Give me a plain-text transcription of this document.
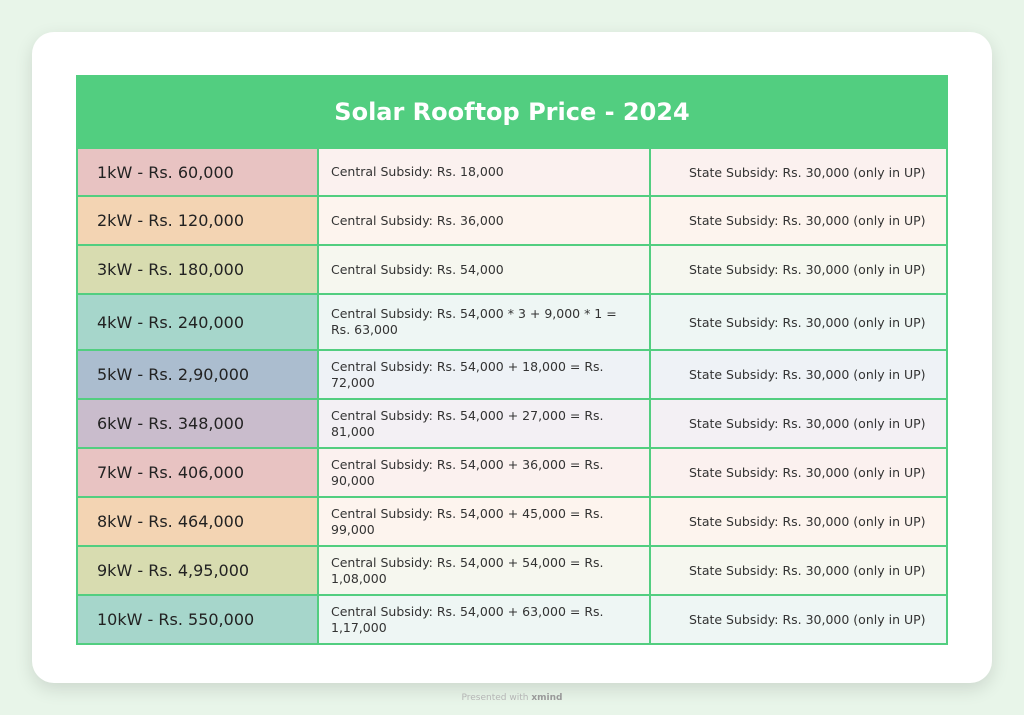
Solar Rooftop Price - 2024
1kW - Rs. 60,000	Central Subsidy: Rs. 18,000	State Subsidy: Rs. 30,000 (only in UP)
2kW - Rs. 120,000	Central Subsidy: Rs. 36,000	State Subsidy: Rs. 30,000 (only in UP)
3kW - Rs. 180,000	Central Subsidy: Rs. 54,000	State Subsidy: Rs. 30,000 (only in UP)
4kW - Rs. 240,000	Central Subsidy: Rs. 54,000 * 3 + 9,000 * 1 = Rs. 63,000	State Subsidy: Rs. 30,000 (only in UP)
5kW - Rs. 2,90,000	Central Subsidy: Rs. 54,000 + 18,000 = Rs. 72,000	State Subsidy: Rs. 30,000 (only in UP)
6kW - Rs. 348,000	Central Subsidy: Rs. 54,000 + 27,000 = Rs. 81,000	State Subsidy: Rs. 30,000 (only in UP)
7kW - Rs. 406,000	Central Subsidy: Rs. 54,000 + 36,000 = Rs. 90,000	State Subsidy: Rs. 30,000 (only in UP)
8kW - Rs. 464,000	Central Subsidy: Rs. 54,000 + 45,000 = Rs. 99,000	State Subsidy: Rs. 30,000 (only in UP)
9kW - Rs. 4,95,000	Central Subsidy: Rs. 54,000 + 54,000 = Rs. 1,08,000	State Subsidy: Rs. 30,000 (only in UP)
10kW - Rs. 550,000	Central Subsidy: Rs. 54,000 + 63,000 = Rs. 1,17,000	State Subsidy: Rs. 30,000 (only in UP)
Presented with xmind
